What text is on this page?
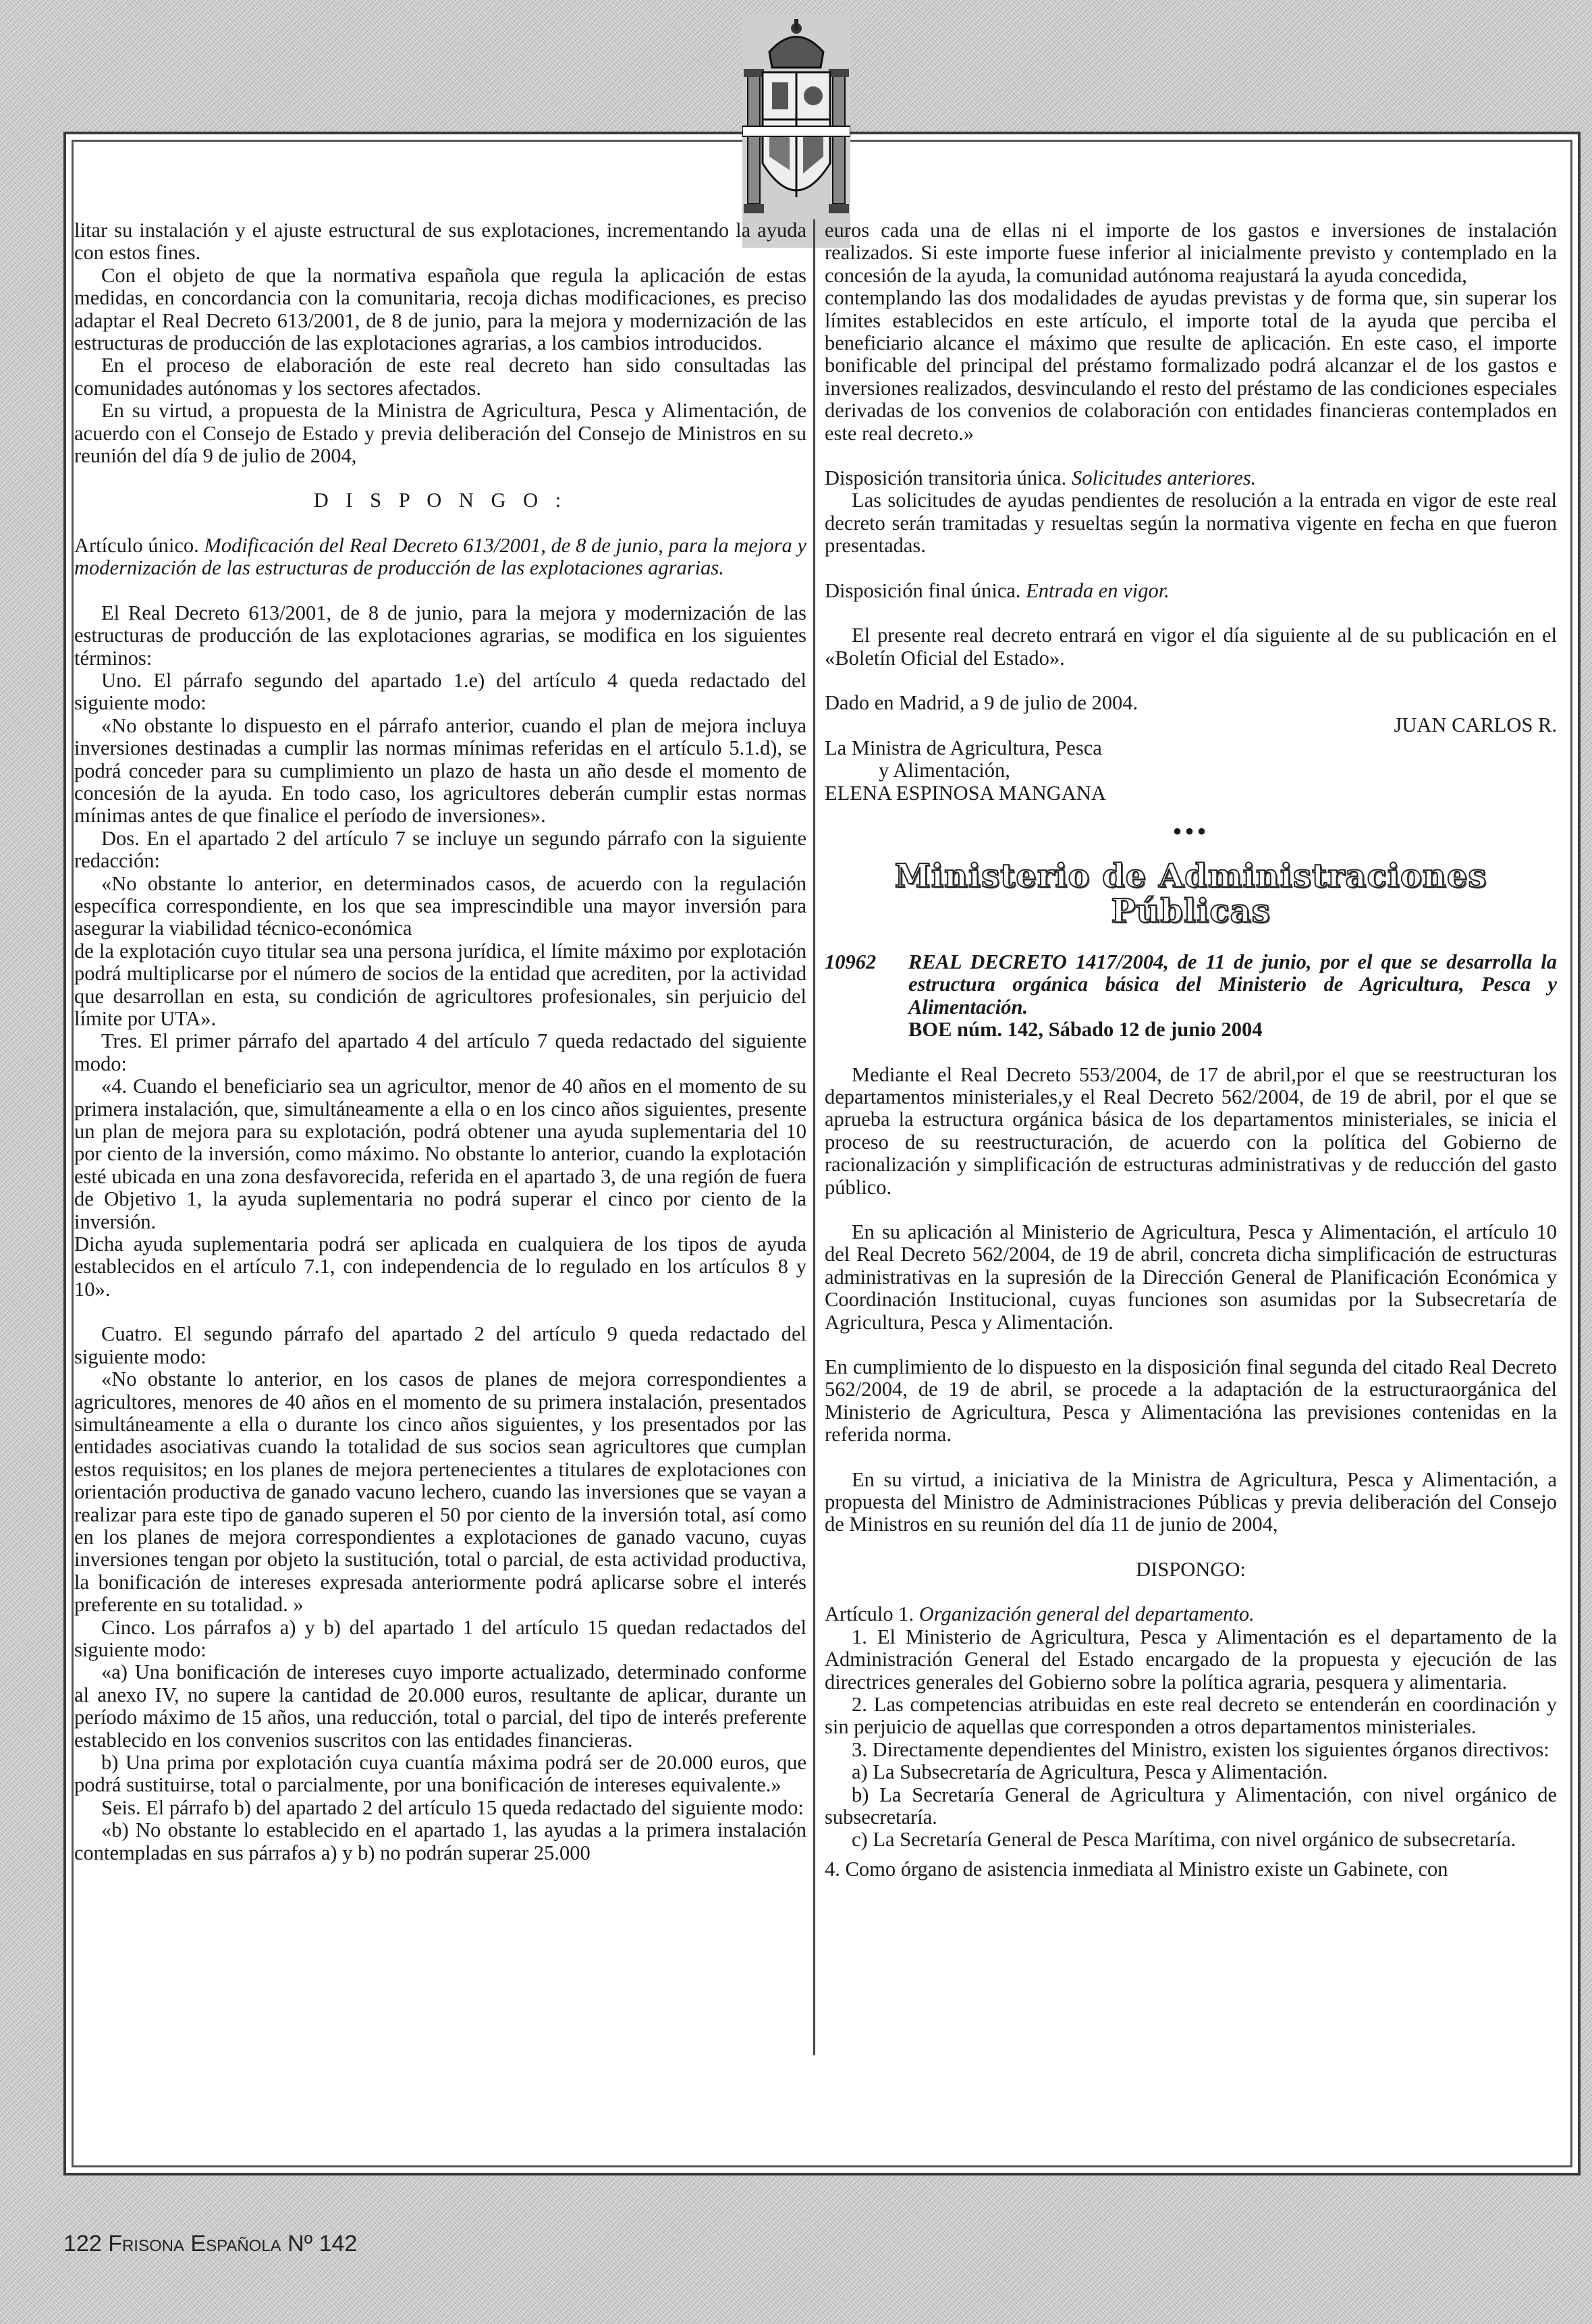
litar su instalación y el ajuste estructural de sus explotaciones, incrementando la ayuda con estos fines.

Con el objeto de que la normativa española que regula la aplicación de estas medidas, en concordancia con la comunitaria, recoja dichas modificaciones, es preciso adaptar el Real Decreto 613/2001, de 8 de junio, para la mejora y modernización de las estructuras de producción de las explotaciones agrarias, a los cambios introducidos.

En el proceso de elaboración de este real decreto han sido consultadas las comunidades autónomas y los sectores afectados.

En su virtud, a propuesta de la Ministra de Agricultura, Pesca y Alimentación, de acuerdo con el Consejo de Estado y previa deliberación del Consejo de Ministros en su reunión del día 9 de julio de 2004,

D I S P O N G O :

Artículo único. Modificación del Real Decreto 613/2001, de 8 de junio, para la mejora y modernización de las estructuras de producción de las explotaciones agrarias.

El Real Decreto 613/2001, de 8 de junio, para la mejora y modernización de las estructuras de producción de las explotaciones agrarias, se modifica en los siguientes términos:

Uno. El párrafo segundo del apartado 1.e) del artículo 4 queda redactado del siguiente modo:

«No obstante lo dispuesto en el párrafo anterior, cuando el plan de mejora incluya inversiones destinadas a cumplir las normas mínimas referidas en el artículo 5.1.d), se podrá conceder para su cumplimiento un plazo de hasta un año desde el momento de concesión de la ayuda. En todo caso, los agricultores deberán cumplir estas normas mínimas antes de que finalice el período de inversiones».

Dos. En el apartado 2 del artículo 7 se incluye un segundo párrafo con la siguiente redacción:

«No obstante lo anterior, en determinados casos, de acuerdo con la regulación específica correspondiente, en los que sea imprescindible una mayor inversión para asegurar la viabilidad técnico-económica

de la explotación cuyo titular sea una persona jurídica, el límite máximo por explotación podrá multiplicarse por el número de socios de la entidad que acrediten, por la actividad que desarrollan en esta, su condición de agricultores profesionales, sin perjuicio del límite por UTA».

Tres. El primer párrafo del apartado 4 del artículo 7 queda redactado del siguiente modo:

«4. Cuando el beneficiario sea un agricultor, menor de 40 años en el momento de su primera instalación, que, simultáneamente a ella o en los cinco años siguientes, presente un plan de mejora para su explotación, podrá obtener una ayuda suplementaria del 10 por ciento de la inversión, como máximo. No obstante lo anterior, cuando la explotación esté ubicada en una zona desfavorecida, referida en el apartado 3, de una región de fuera de Objetivo 1, la ayuda suplementaria no podrá superar el cinco por ciento de la inversión.

Dicha ayuda suplementaria podrá ser aplicada en cualquiera de los tipos de ayuda establecidos en el artículo 7.1, con independencia de lo regulado en los artículos 8 y 10».

Cuatro. El segundo párrafo del apartado 2 del artículo 9 queda redactado del siguiente modo:

«No obstante lo anterior, en los casos de planes de mejora correspondientes a agricultores, menores de 40 años en el momento de su primera instalación, presentados simultáneamente a ella o durante los cinco años siguientes, y los presentados por las entidades asociativas cuando la totalidad de sus socios sean agricultores que cumplan estos requisitos; en los planes de mejora pertenecientes a titulares de explotaciones con orientación productiva de ganado vacuno lechero, cuando las inversiones que se vayan a realizar para este tipo de ganado superen el 50 por ciento de la inversión total, así como en los planes de mejora correspondientes a explotaciones de ganado vacuno, cuyas inversiones tengan por objeto la sustitución, total o parcial, de esta actividad productiva, la bonificación de intereses expresada anteriormente podrá aplicarse sobre el interés preferente en su totalidad. »

Cinco. Los párrafos a) y b) del apartado 1 del artículo 15 quedan redactados del siguiente modo:

«a) Una bonificación de intereses cuyo importe actualizado, determinado conforme al anexo IV, no supere la cantidad de 20.000 euros, resultante de aplicar, durante un período máximo de 15 años, una reducción, total o parcial, del tipo de interés preferente establecido en los convenios suscritos con las entidades financieras.

b) Una prima por explotación cuya cuantía máxima podrá ser de 20.000 euros, que podrá sustituirse, total o parcialmente, por una bonificación de intereses equivalente.»

Seis. El párrafo b) del apartado 2 del artículo 15 queda redactado del siguiente modo:

«b) No obstante lo establecido en el apartado 1, las ayudas a la primera instalación contempladas en sus párrafos a) y b) no podrán superar 25.000

euros cada una de ellas ni el importe de los gastos e inversiones de instalación realizados. Si este importe fuese inferior al inicialmente previsto y contemplado en la concesión de la ayuda, la comunidad autónoma reajustará la ayuda concedida,

contemplando las dos modalidades de ayudas previstas y de forma que, sin superar los límites establecidos en este artículo, el importe total de la ayuda que perciba el beneficiario alcance el máximo que resulte de aplicación. En este caso, el importe bonificable del principal del préstamo formalizado podrá alcanzar el de los gastos e inversiones realizados, desvinculando el resto del préstamo de las condiciones especiales derivadas de los convenios de colaboración con entidades financieras contemplados en este real decreto.»

Disposición transitoria única. Solicitudes anteriores.

Las solicitudes de ayudas pendientes de resolución a la entrada en vigor de este real decreto serán tramitadas y resueltas según la normativa vigente en fecha en que fueron presentadas.

Disposición final única. Entrada en vigor.

El presente real decreto entrará en vigor el día siguiente al de su publicación en el «Boletín Oficial del Estado».

Dado en Madrid, a 9 de julio de 2004.

JUAN CARLOS R.

La Ministra de Agricultura, Pesca

y Alimentación,

ELENA ESPINOSA MANGANA

•••
Ministerio de Administraciones
Públicas
10962	REAL DECRETO 1417/2004, de 11 de junio, por el que se desarrolla la estructura orgánica básica del Ministerio de Agricultura, Pesca y Alimentación.
BOE núm. 142, Sábado 12 de junio 2004

Mediante el Real Decreto 553/2004, de 17 de abril,por el que se reestructuran los departamentos ministeriales,y el Real Decreto 562/2004, de 19 de abril, por el que se aprueba la estructura orgánica básica de los departamentos ministeriales, se inicia el proceso de su reestructuración, de acuerdo con la política del Gobierno de racionalización y simplificación de estructuras administrativas y de reducción del gasto público.

En su aplicación al Ministerio de Agricultura, Pesca y Alimentación, el artículo 10 del Real Decreto 562/2004, de 19 de abril, concreta dicha simplificación de estructuras administrativas en la supresión de la Dirección General de Planificación Económica y Coordinación Institucional, cuyas funciones son asumidas por la Subsecretaría de Agricultura, Pesca y Alimentación.

En cumplimiento de lo dispuesto en la disposición final segunda del citado Real Decreto 562/2004, de 19 de abril, se procede a la adaptación de la estructuraorgánica del Ministerio de Agricultura, Pesca y Alimentacióna las previsiones contenidas en la referida norma.

En su virtud, a iniciativa de la Ministra de Agricultura, Pesca y Alimentación, a propuesta del Ministro de Administraciones Públicas y previa deliberación del Consejo de Ministros en su reunión del día 11 de junio de 2004,

DISPONGO:

Artículo 1. Organización general del departamento.

1. El Ministerio de Agricultura, Pesca y Alimentación es el departamento de la Administración General del Estado encargado de la propuesta y ejecución de las directrices generales del Gobierno sobre la política agraria, pesquera y alimentaria.

2. Las competencias atribuidas en este real decreto se entenderán en coordinación y sin perjuicio de aquellas que corresponden a otros departamentos ministeriales.

3. Directamente dependientes del Ministro, existen los siguientes órganos directivos:

a) La Subsecretaría de Agricultura, Pesca y Alimentación.

b) La Secretaría General de Agricultura y Alimentación, con nivel orgánico de subsecretaría.

c) La Secretaría General de Pesca Marítima, con nivel orgánico de subsecretaría.

4. Como órgano de asistencia inmediata al Ministro existe un Gabinete, con

122 Frisona Española Nº 142
